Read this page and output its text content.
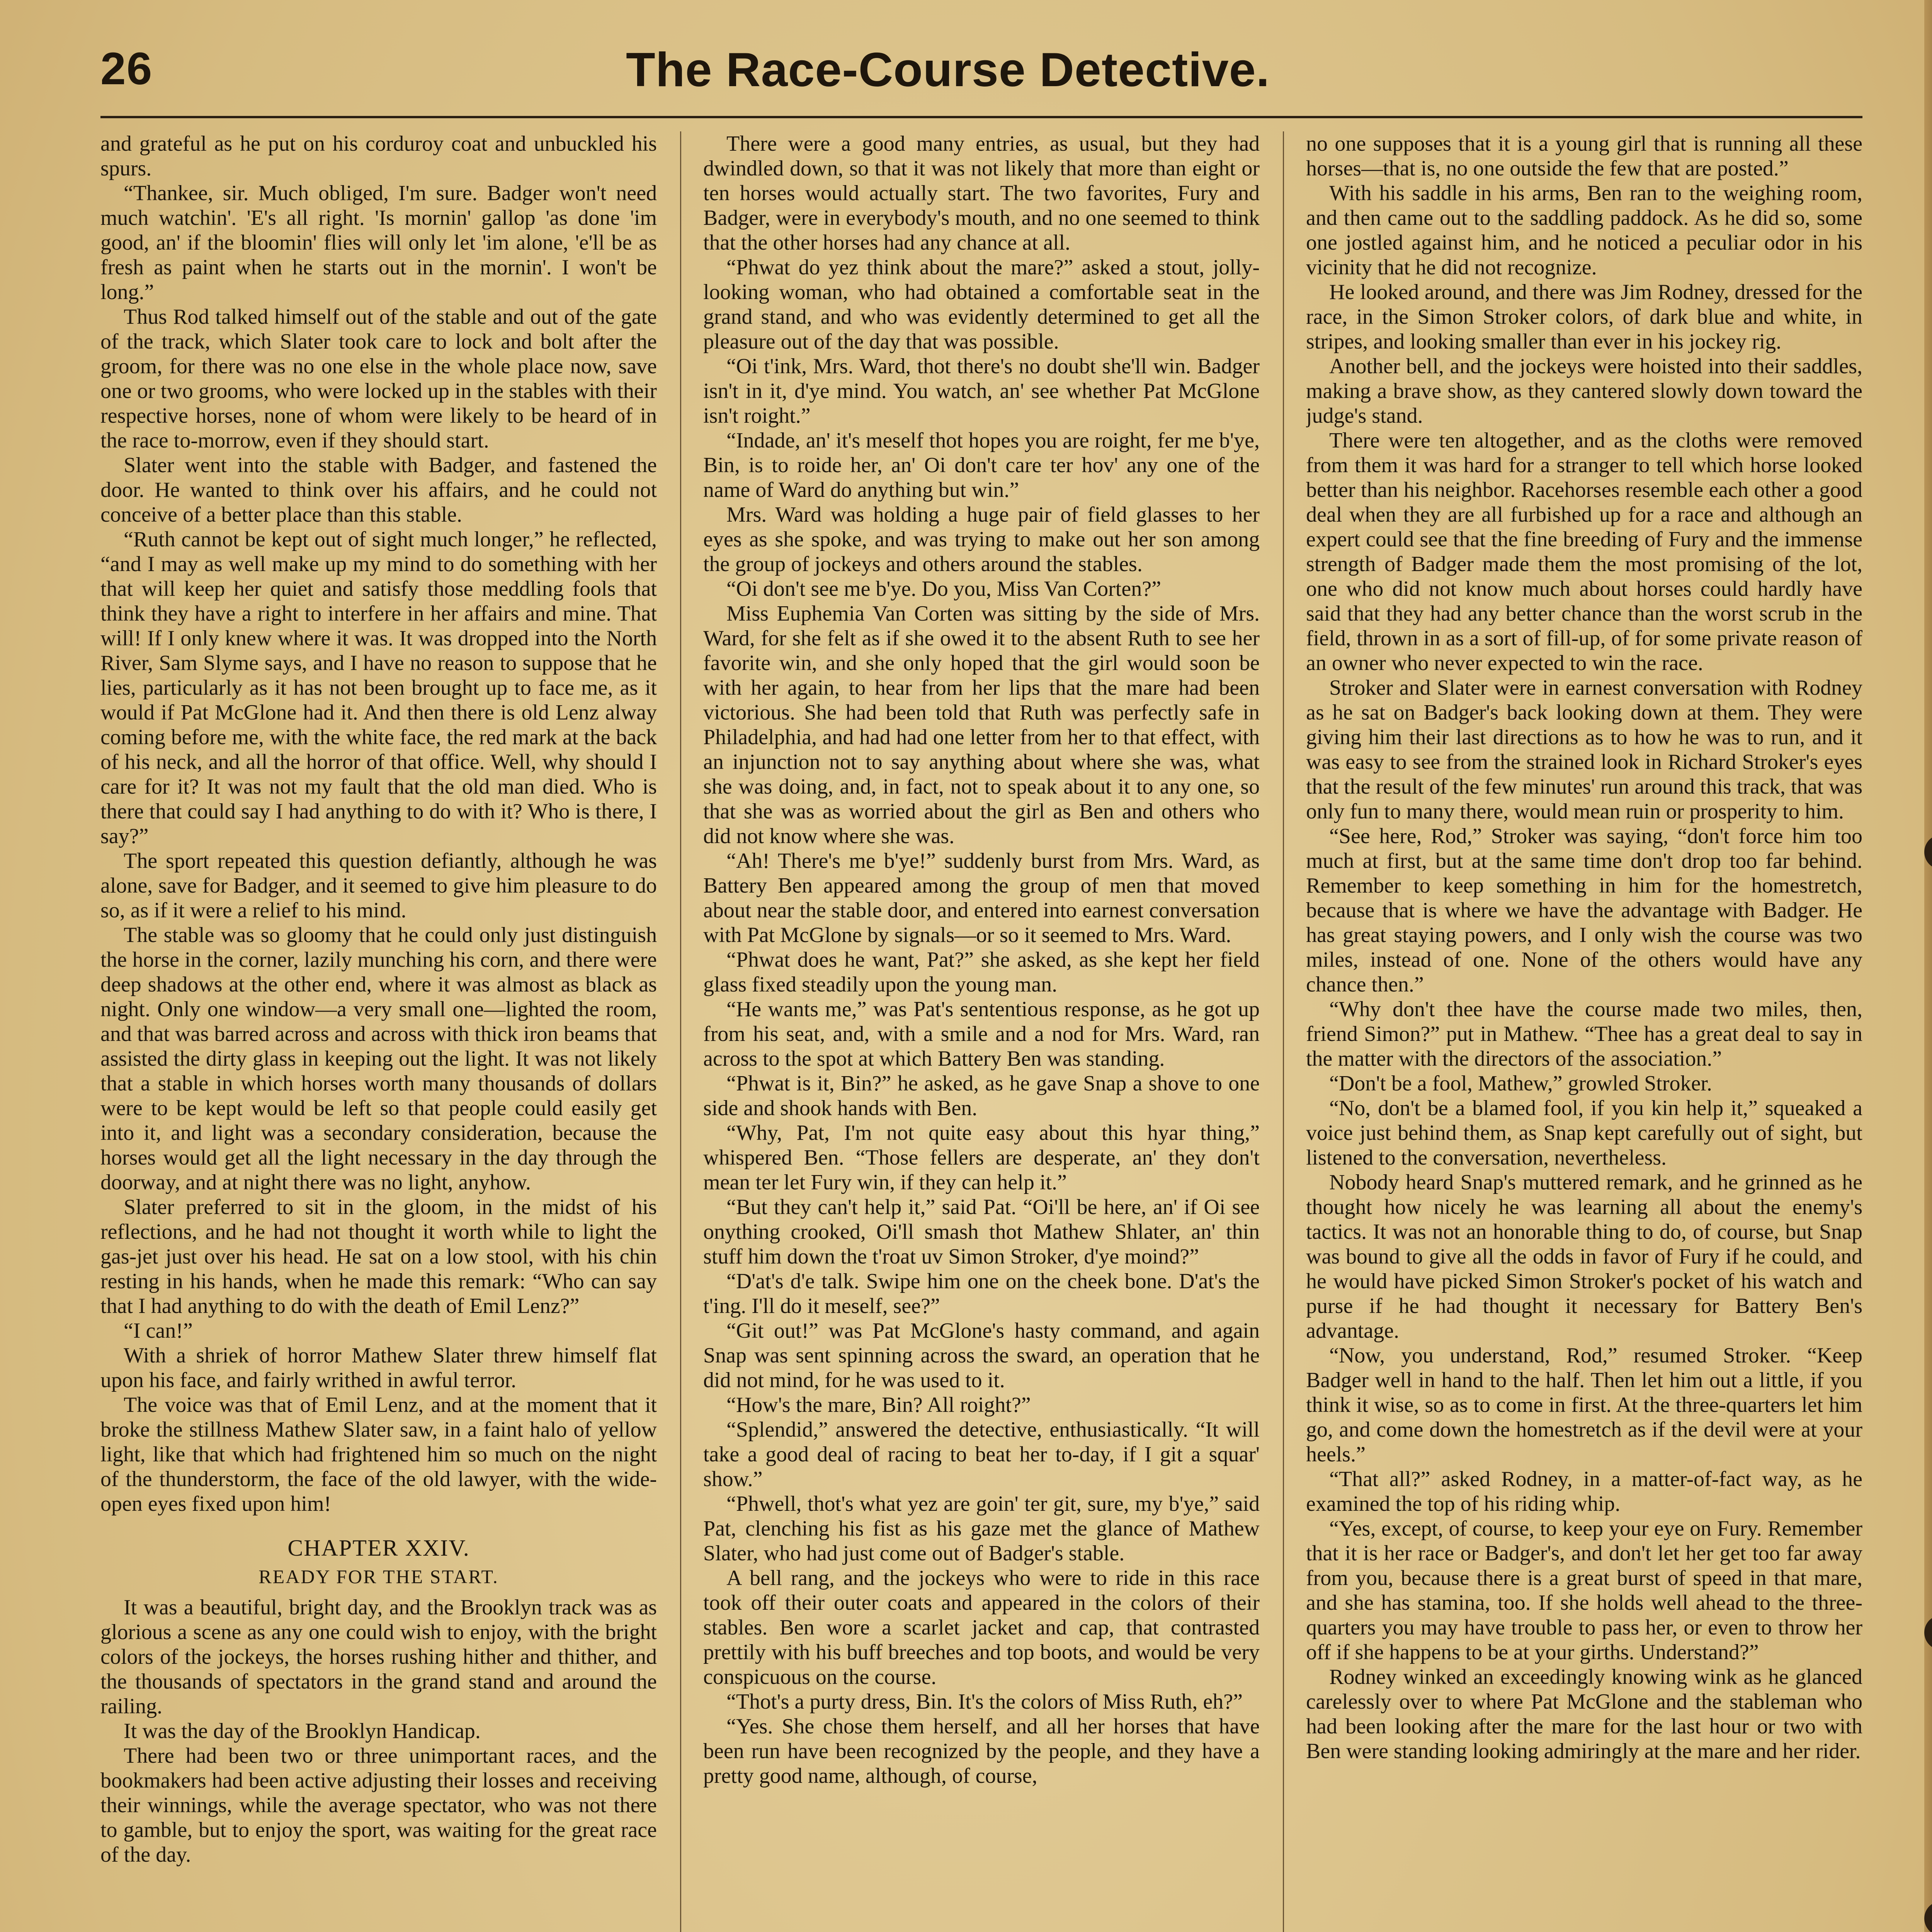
26	The Race-Course Detective.

and grateful as he put on his corduroy coat and unbuckled his spurs.

“Thankee, sir. Much obliged, I'm sure. Badger won't need much watchin'. 'E's all right. 'Is mornin' gallop 'as done 'im good, an' if the bloomin' flies will only let 'im alone, 'e'll be as fresh as paint when he starts out in the mornin'. I won't be long.”

Thus Rod talked himself out of the stable and out of the gate of the track, which Slater took care to lock and bolt after the groom, for there was no one else in the whole place now, save one or two grooms, who were locked up in the stables with their respective horses, none of whom were likely to be heard of in the race to-morrow, even if they should start.

Slater went into the stable with Badger, and fastened the door. He wanted to think over his affairs, and he could not conceive of a better place than this stable.

“Ruth cannot be kept out of sight much longer,” he reflected, “and I may as well make up my mind to do something with her that will keep her quiet and satisfy those meddling fools that think they have a right to interfere in her affairs and mine. That will! If I only knew where it was. It was dropped into the North River, Sam Slyme says, and I have no reason to suppose that he lies, particularly as it has not been brought up to face me, as it would if Pat McGlone had it. And then there is old Lenz alway coming before me, with the white face, the red mark at the back of his neck, and all the horror of that office. Well, why should I care for it? It was not my fault that the old man died. Who is there that could say I had anything to do with it? Who is there, I say?”

The sport repeated this question defiantly, although he was alone, save for Badger, and it seemed to give him pleasure to do so, as if it were a relief to his mind.

The stable was so gloomy that he could only just distinguish the horse in the corner, lazily munching his corn, and there were deep shadows at the other end, where it was almost as black as night. Only one window—a very small one—lighted the room, and that was barred across and across with thick iron beams that assisted the dirty glass in keeping out the light. It was not likely that a stable in which horses worth many thousands of dollars were to be kept would be left so that people could easily get into it, and light was a secondary consideration, because the horses would get all the light necessary in the day through the doorway, and at night there was no light, anyhow.

Slater preferred to sit in the gloom, in the midst of his reflections, and he had not thought it worth while to light the gas-jet just over his head. He sat on a low stool, with his chin resting in his hands, when he made this remark: “Who can say that I had anything to do with the death of Emil Lenz?”

“I can!”

With a shriek of horror Mathew Slater threw himself flat upon his face, and fairly writhed in awful terror.

The voice was that of Emil Lenz, and at the moment that it broke the stillness Mathew Slater saw, in a faint halo of yellow light, like that which had frightened him so much on the night of the thunderstorm, the face of the old lawyer, with the wide-open eyes fixed upon him!

CHAPTER XXIV.
READY FOR THE START.

It was a beautiful, bright day, and the Brooklyn track was as glorious a scene as any one could wish to enjoy, with the bright colors of the jockeys, the horses rushing hither and thither, and the thousands of spectators in the grand stand and around the railing.

It was the day of the Brooklyn Handicap.

There had been two or three unimportant races, and the bookmakers had been active adjusting their losses and receiving their winnings, while the average spectator, who was not there to gamble, but to enjoy the sport, was waiting for the great race of the day.

There were a good many entries, as usual, but they had dwindled down, so that it was not likely that more than eight or ten horses would actually start. The two favorites, Fury and Badger, were in everybody's mouth, and no one seemed to think that the other horses had any chance at all.

“Phwat do yez think about the mare?” asked a stout, jolly-looking woman, who had obtained a comfortable seat in the grand stand, and who was evidently determined to get all the pleasure out of the day that was possible.

“Oi t'ink, Mrs. Ward, thot there's no doubt she'll win. Badger isn't in it, d'ye mind. You watch, an' see whether Pat McGlone isn't roight.”

“Indade, an' it's meself thot hopes you are roight, fer me b'ye, Bin, is to roide her, an' Oi don't care ter hov' any one of the name of Ward do anything but win.”

Mrs. Ward was holding a huge pair of field glasses to her eyes as she spoke, and was trying to make out her son among the group of jockeys and others around the stables.

“Oi don't see me b'ye. Do you, Miss Van Corten?”

Miss Euphemia Van Corten was sitting by the side of Mrs. Ward, for she felt as if she owed it to the absent Ruth to see her favorite win, and she only hoped that the girl would soon be with her again, to hear from her lips that the mare had been victorious. She had been told that Ruth was perfectly safe in Philadelphia, and had had one letter from her to that effect, with an injunction not to say anything about where she was, what she was doing, and, in fact, not to speak about it to any one, so that she was as worried about the girl as Ben and others who did not know where she was.

“Ah! There's me b'ye!” suddenly burst from Mrs. Ward, as Battery Ben appeared among the group of men that moved about near the stable door, and entered into earnest conversation with Pat McGlone by signals—or so it seemed to Mrs. Ward.

“Phwat does he want, Pat?” she asked, as she kept her field glass fixed steadily upon the young man.

“He wants me,” was Pat's sententious response, as he got up from his seat, and, with a smile and a nod for Mrs. Ward, ran across to the spot at which Battery Ben was standing.

“Phwat is it, Bin?” he asked, as he gave Snap a shove to one side and shook hands with Ben.

“Why, Pat, I'm not quite easy about this hyar thing,” whispered Ben. “Those fellers are desperate, an' they don't mean ter let Fury win, if they can help it.”

“But they can't help it,” said Pat. “Oi'll be here, an' if Oi see onything crooked, Oi'll smash thot Mathew Shlater, an' thin stuff him down the t'roat uv Simon Stroker, d'ye moind?”

“D'at's d'e talk. Swipe him one on the cheek bone. D'at's the t'ing. I'll do it meself, see?”

“Git out!” was Pat McGlone's hasty command, and again Snap was sent spinning across the sward, an operation that he did not mind, for he was used to it.

“How's the mare, Bin? All roight?”

“Splendid,” answered the detective, enthusiastically. “It will take a good deal of racing to beat her to-day, if I git a squar' show.”

“Phwell, thot's what yez are goin' ter git, sure, my b'ye,” said Pat, clenching his fist as his gaze met the glance of Mathew Slater, who had just come out of Badger's stable.

A bell rang, and the jockeys who were to ride in this race took off their outer coats and appeared in the colors of their stables. Ben wore a scarlet jacket and cap, that contrasted prettily with his buff breeches and top boots, and would be very conspicuous on the course.

“Thot's a purty dress, Bin. It's the colors of Miss Ruth, eh?”

“Yes. She chose them herself, and all her horses that have been run have been recognized by the people, and they have a pretty good name, although, of course,

no one supposes that it is a young girl that is running all these horses—that is, no one outside the few that are posted.”

With his saddle in his arms, Ben ran to the weighing room, and then came out to the saddling paddock. As he did so, some one jostled against him, and he noticed a peculiar odor in his vicinity that he did not recognize.

He looked around, and there was Jim Rodney, dressed for the race, in the Simon Stroker colors, of dark blue and white, in stripes, and looking smaller than ever in his jockey rig.

Another bell, and the jockeys were hoisted into their saddles, making a brave show, as they cantered slowly down toward the judge's stand.

There were ten altogether, and as the cloths were removed from them it was hard for a stranger to tell which horse looked better than his neighbor. Racehorses resemble each other a good deal when they are all furbished up for a race and although an expert could see that the fine breeding of Fury and the immense strength of Badger made them the most promising of the lot, one who did not know much about horses could hardly have said that they had any better chance than the worst scrub in the field, thrown in as a sort of fill-up, of for some private reason of an owner who never expected to win the race.

Stroker and Slater were in earnest conversation with Rodney as he sat on Badger's back looking down at them. They were giving him their last directions as to how he was to run, and it was easy to see from the strained look in Richard Stroker's eyes that the result of the few minutes' run around this track, that was only fun to many there, would mean ruin or prosperity to him.

“See here, Rod,” Stroker was saying, “don't force him too much at first, but at the same time don't drop too far behind. Remember to keep something in him for the homestretch, because that is where we have the advantage with Badger. He has great staying powers, and I only wish the course was two miles, instead of one. None of the others would have any chance then.”

“Why don't thee have the course made two miles, then, friend Simon?” put in Mathew. “Thee has a great deal to say in the matter with the directors of the association.”

“Don't be a fool, Mathew,” growled Stroker.

“No, don't be a blamed fool, if you kin help it,” squeaked a voice just behind them, as Snap kept carefully out of sight, but listened to the conversation, nevertheless.

Nobody heard Snap's muttered remark, and he grinned as he thought how nicely he was learning all about the enemy's tactics. It was not an honorable thing to do, of course, but Snap was bound to give all the odds in favor of Fury if he could, and he would have picked Simon Stroker's pocket of his watch and purse if he had thought it necessary for Battery Ben's advantage.

“Now, you understand, Rod,” resumed Stroker. “Keep Badger well in hand to the half. Then let him out a little, if you think it wise, so as to come in first. At the three-quarters let him go, and come down the homestretch as if the devil were at your heels.”

“That all?” asked Rodney, in a matter-of-fact way, as he examined the top of his riding whip.

“Yes, except, of course, to keep your eye on Fury. Remember that it is her race or Badger's, and don't let her get too far away from you, because there is a great burst of speed in that mare, and she has stamina, too. If she holds well ahead to the three-quarters you may have trouble to pass her, or even to throw her off if she happens to be at your girths. Understand?”

Rodney winked an exceedingly knowing wink as he glanced carelessly over to where Pat McGlone and the stableman who had been looking after the mare for the last hour or two with Ben were standing looking admiringly at the mare and her rider.
